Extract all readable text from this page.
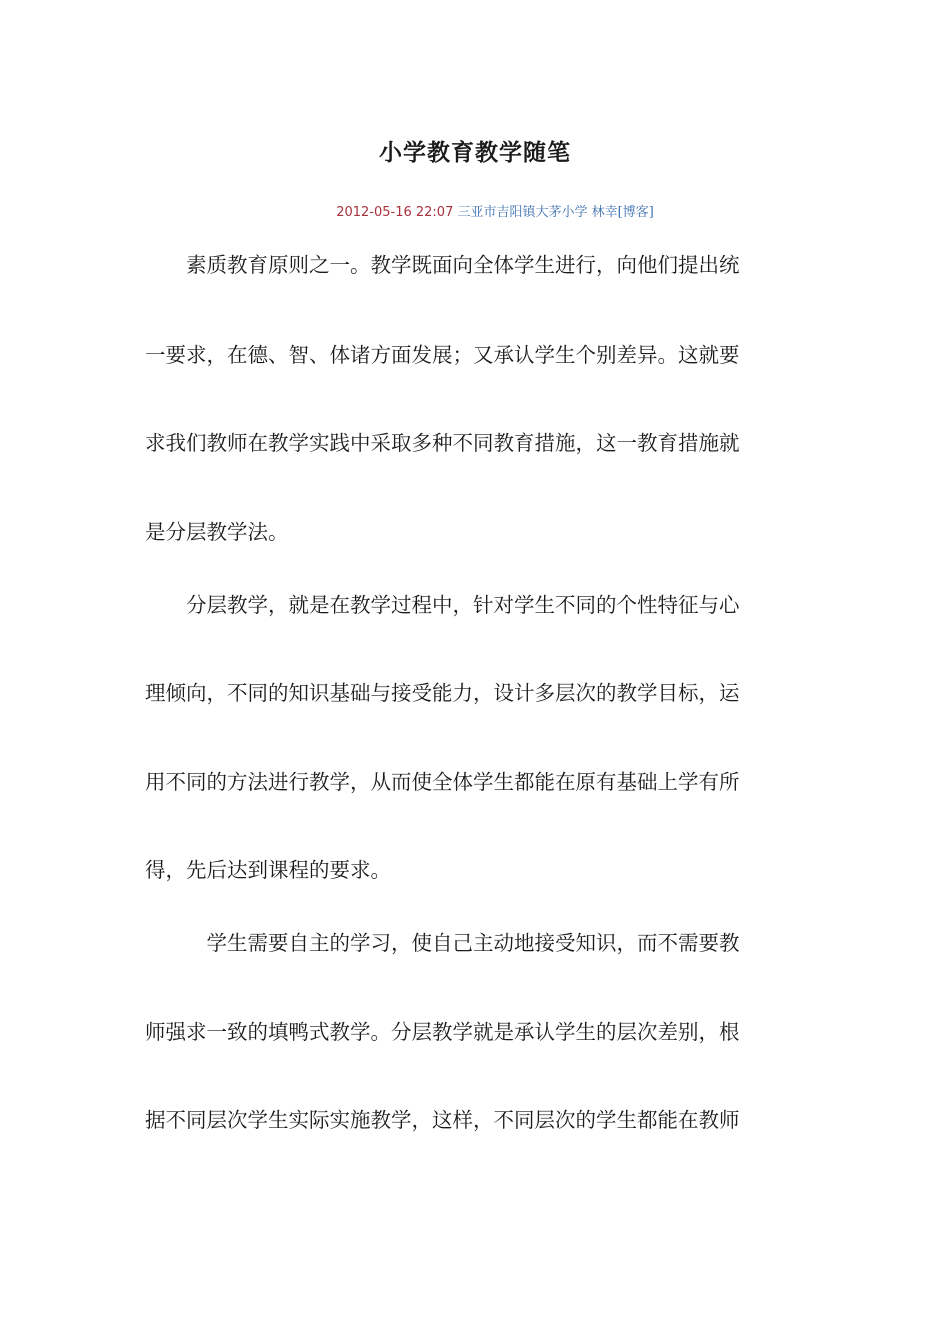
小学教育教学随笔
2012-05-16 22:07 三亚市吉阳镇大茅小学 林幸[博客]
　　素质教育原则之一。教学既面向全体学生进行，向他们提出统
一要求，在德、智、体诸方面发展；又承认学生个别差异。这就要
求我们教师在教学实践中采取多种不同教育措施，这一教育措施就
是分层教学法。
　　分层教学，就是在教学过程中，针对学生不同的个性特征与心
理倾向，不同的知识基础与接受能力，设计多层次的教学目标，运
用不同的方法进行教学，从而使全体学生都能在原有基础上学有所
得，先后达到课程的要求。
　　　学生需要自主的学习，使自己主动地接受知识，而不需要教
师强求一致的填鸭式教学。分层教学就是承认学生的层次差别，根
据不同层次学生实际实施教学，这样，不同层次的学生都能在教师
